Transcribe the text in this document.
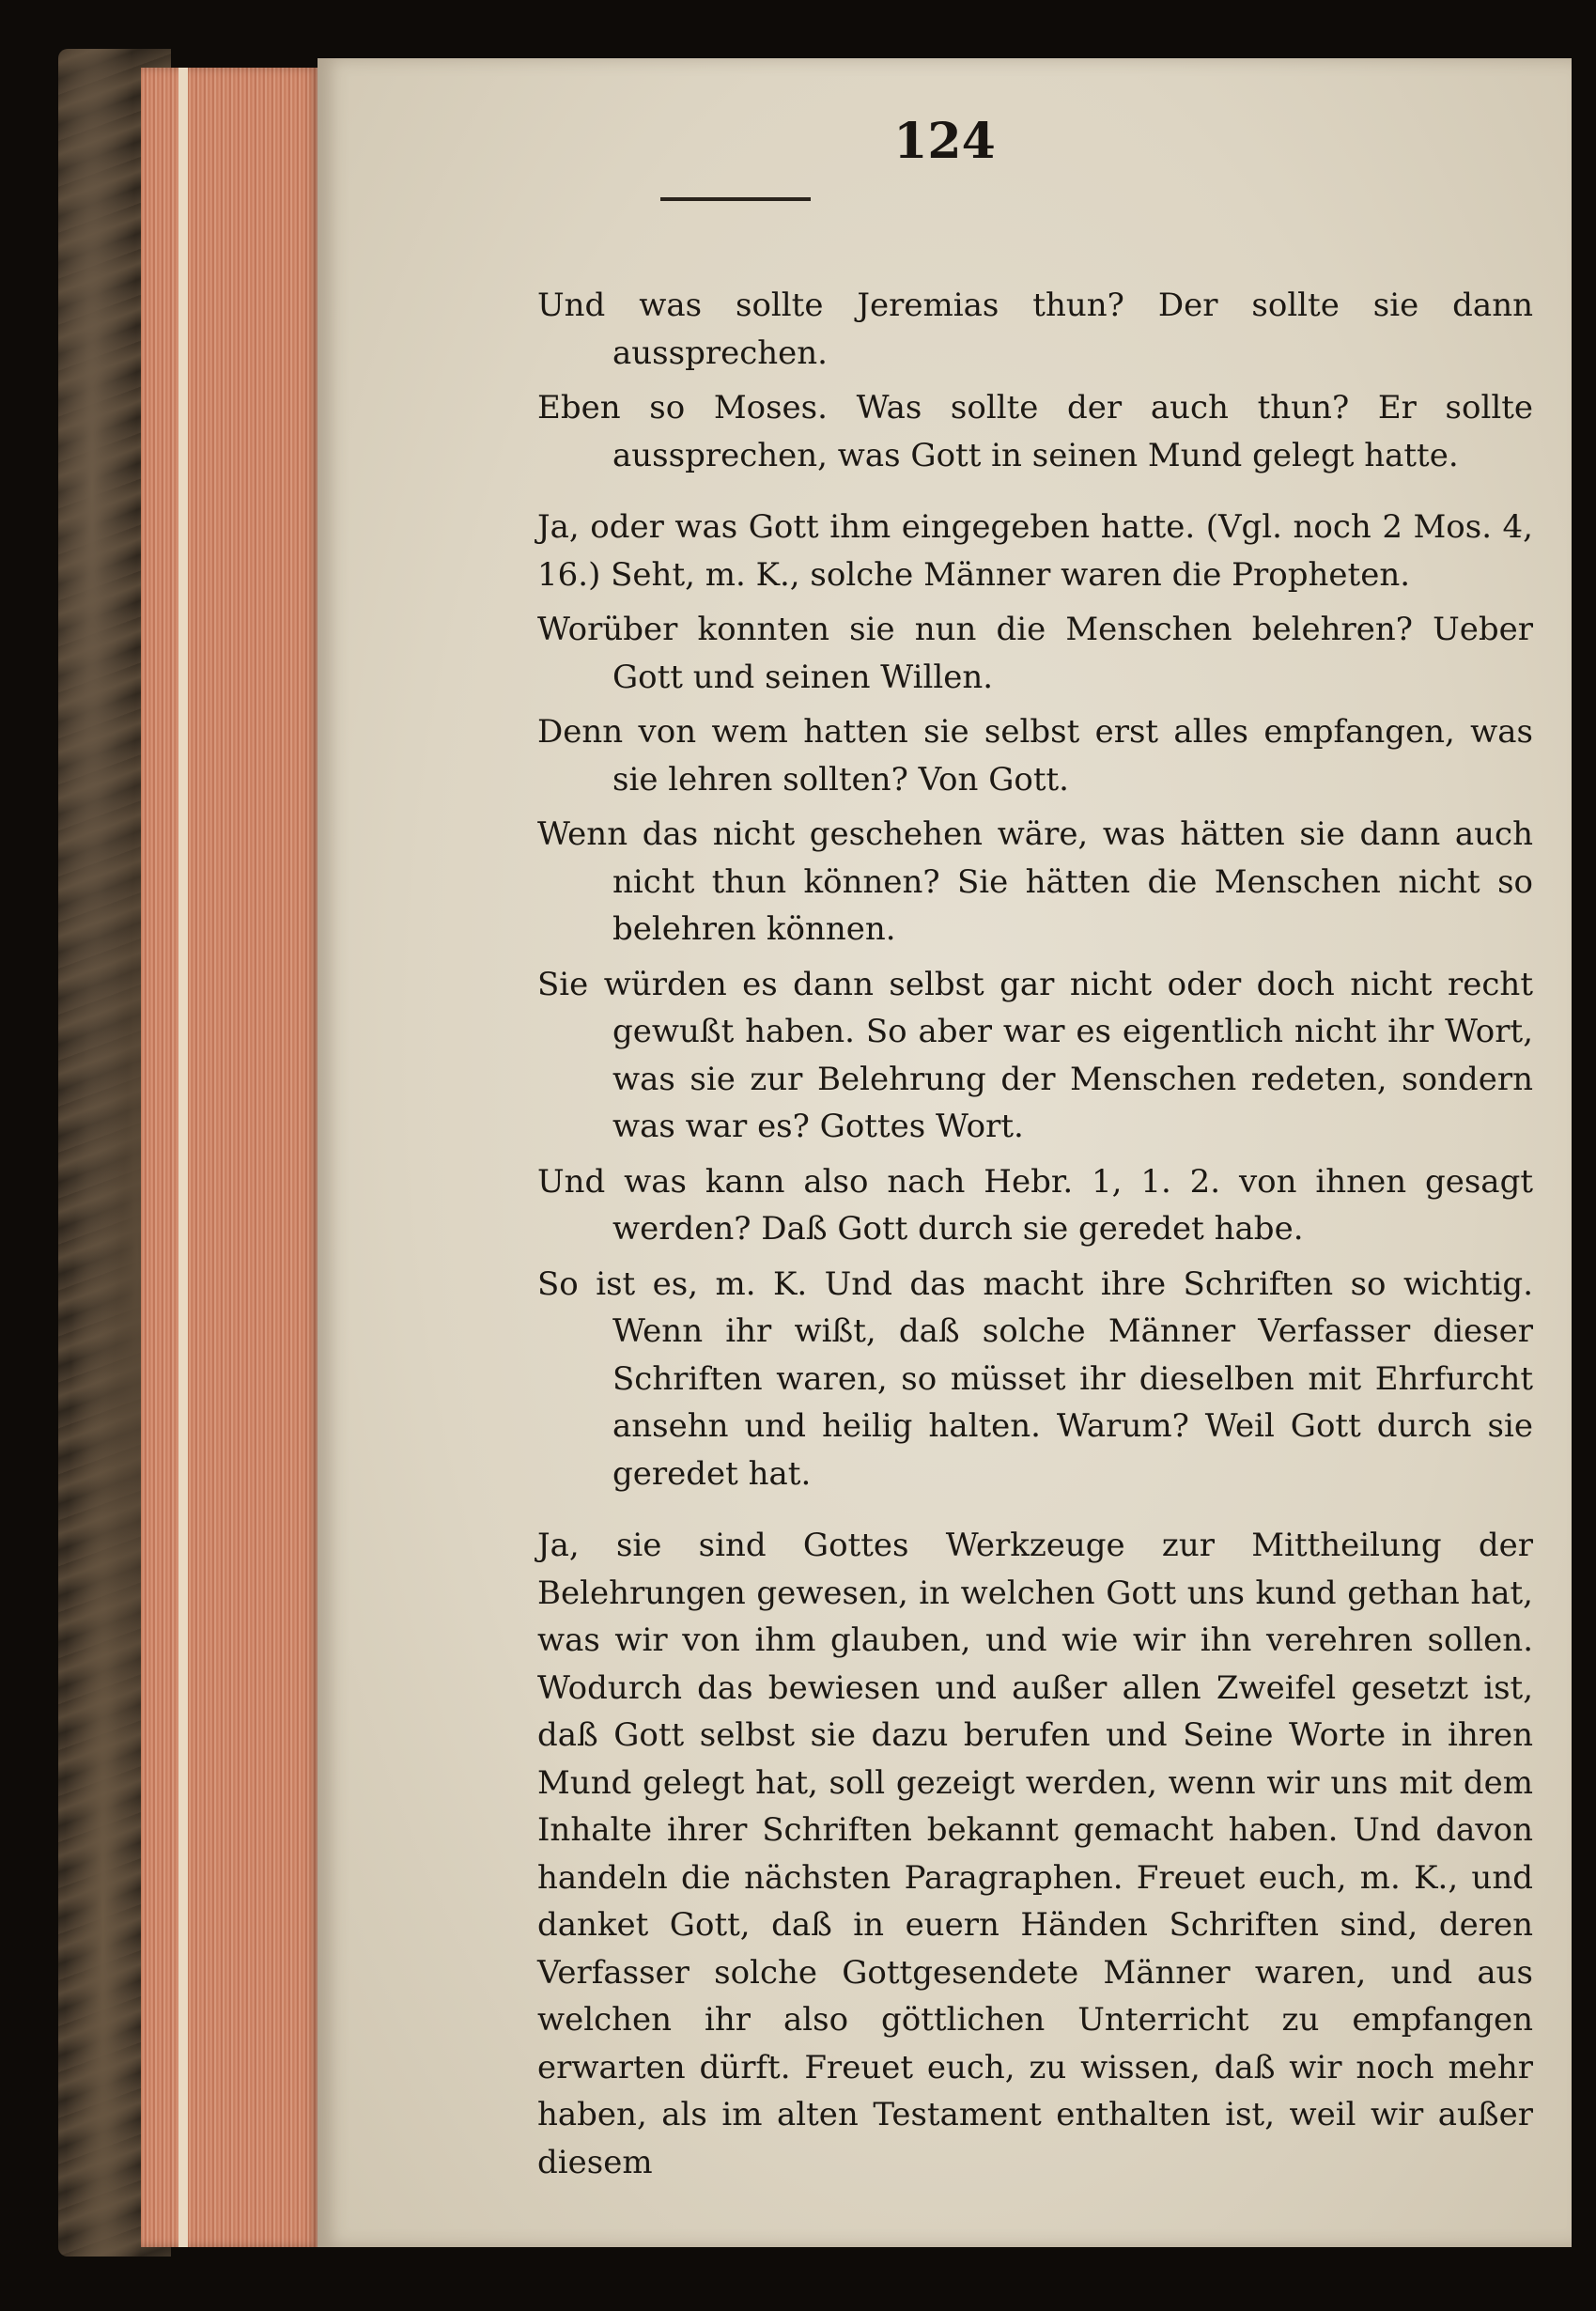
124

Und was sollte Jeremias thun? Der sollte sie dann aussprechen.

Eben so Moses. Was sollte der auch thun? Er sollte aussprechen, was Gott in seinen Mund gelegt hatte.

Ja, oder was Gott ihm eingegeben hatte. (Vgl. noch 2 Mos. 4, 16.) Seht, m. K., solche Männer waren die Propheten.

Worüber konnten sie nun die Menschen belehren? Ueber Gott und seinen Willen.

Denn von wem hatten sie selbst erst alles empfangen, was sie lehren sollten? Von Gott.

Wenn das nicht geschehen wäre, was hätten sie dann auch nicht thun können? Sie hätten die Menschen nicht so belehren können.

Sie würden es dann selbst gar nicht oder doch nicht recht gewußt haben. So aber war es eigentlich nicht ihr Wort, was sie zur Belehrung der Menschen redeten, sondern was war es? Gottes Wort.

Und was kann also nach Hebr. 1, 1. 2. von ihnen gesagt werden? Daß Gott durch sie geredet habe.

So ist es, m. K. Und das macht ihre Schriften so wichtig. Wenn ihr wißt, daß solche Männer Verfasser dieser Schriften waren, so müsset ihr dieselben mit Ehrfurcht ansehn und heilig halten. Warum? Weil Gott durch sie geredet hat.

Ja, sie sind Gottes Werkzeuge zur Mittheilung der Belehrungen gewesen, in welchen Gott uns kund gethan hat, was wir von ihm glauben, und wie wir ihn verehren sollen. Wodurch das bewiesen und außer allen Zweifel gesetzt ist, daß Gott selbst sie dazu berufen und Seine Worte in ihren Mund gelegt hat, soll gezeigt werden, wenn wir uns mit dem Inhalte ihrer Schriften bekannt gemacht haben. Und davon handeln die nächsten Paragraphen. Freuet euch, m. K., und danket Gott, daß in euern Händen Schriften sind, deren Verfasser solche Gottgesendete Männer waren, und aus welchen ihr also göttlichen Unterricht zu empfangen erwarten dürft. Freuet euch, zu wissen, daß wir noch mehr haben, als im alten Testament enthalten ist, weil wir außer diesem
